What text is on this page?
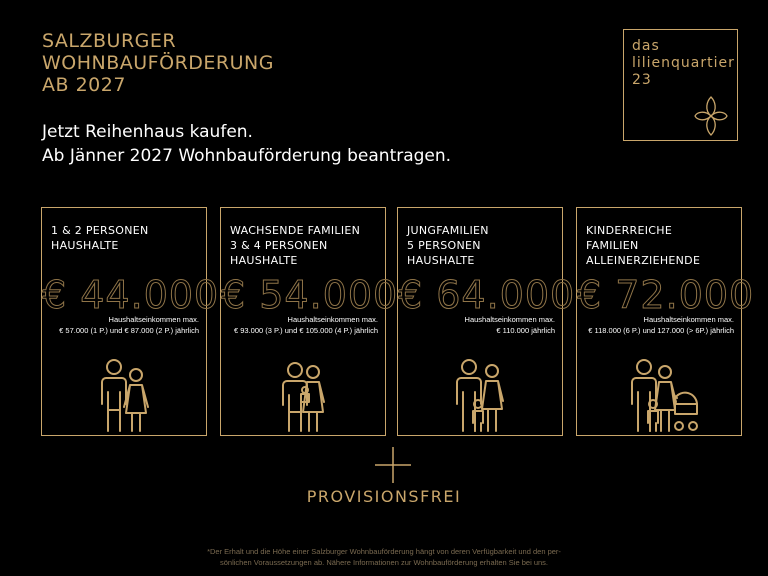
SALZBURGER
WOHNBAUFÖRDERUNG
AB 2027
das
lilienquartier
23
Jetzt Reihenhaus kaufen.
Ab Jänner 2027 Wohnbauförderung beantragen.
1 & 2 PERSONEN
HAUSHALTE
€ 44.000
Haushaltseinkommen max.
€ 57.000 (1 P.) und € 87.000 (2 P.) jährlich
WACHSENDE FAMILIEN
3 & 4 PERSONEN
HAUSHALTE
€ 54.000
Haushaltseinkommen max.
€ 93.000 (3 P.) und € 105.000 (4 P.) jährlich
JUNGFAMILIEN
5 PERSONEN
HAUSHALTE
€ 64.000
Haushaltseinkommen max.
€ 110.000 jährlich
KINDERREICHE
FAMILIEN
ALLEINERZIEHENDE
€ 72.000
Haushaltseinkommen max.
€ 118.000 (6 P.) und 127.000 (> 6P.) jährlich
PROVISIONSFREI
*Der Erhalt und die Höhe einer Salzburger Wohnbauförderung hängt von deren Verfügbarkeit und den per-
sönlichen Voraussetzungen ab. Nähere Informationen zur Wohnbauförderung erhalten Sie bei uns.
